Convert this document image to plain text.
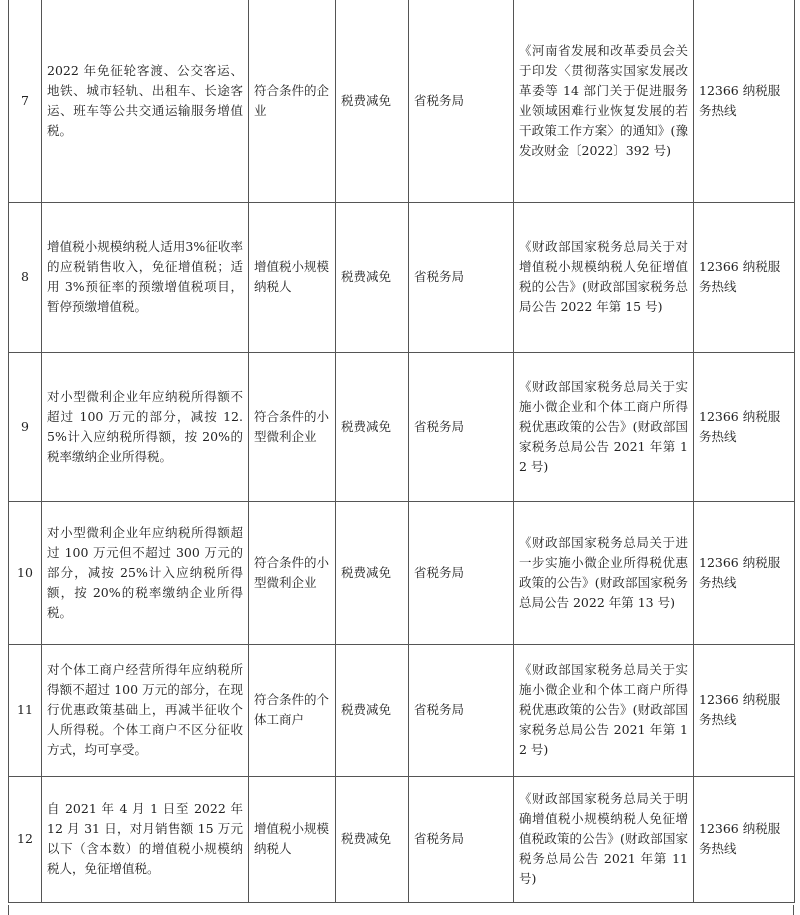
7	2022 年免征轮客渡、公交客运、地铁、城市轻轨、出租车、长途客运、班车等公共交通运输服务增值税。	符合条件的企业	税费减免	省税务局	《河南省发展和改革委员会关于印发〈贯彻落实国家发展改革委等 14 部门关于促进服务业领域困难行业恢复发展的若干政策工作方案〉的通知》(豫发改财金〔2022〕392 号)	12366 纳税服务热线
8	增值税小规模纳税人适用3%征收率的应税销售收入，免征增值税；适用 3%预征率的预缴增值税项目，暂停预缴增值税。	增值税小规模纳税人	税费减免	省税务局	《财政部国家税务总局关于对增值税小规模纳税人免征增值税的公告》(财政部国家税务总局公告 2022 年第 15 号)	12366 纳税服务热线
9	对小型微利企业年应纳税所得额不超过 100 万元的部分，减按 12.5%计入应纳税所得额，按 20%的税率缴纳企业所得税。	符合条件的小型微利企业	税费减免	省税务局	《财政部国家税务总局关于实施小微企业和个体工商户所得税优惠政策的公告》(财政部国家税务总局公告 2021 年第 12 号)	12366 纳税服务热线
10	对小型微利企业年应纳税所得额超过 100 万元但不超过 300 万元的部分，减按 25%计入应纳税所得额，按 20%的税率缴纳企业所得税。	符合条件的小型微利企业	税费减免	省税务局	《财政部国家税务总局关于进一步实施小微企业所得税优惠政策的公告》(财政部国家税务总局公告 2022 年第 13 号)	12366 纳税服务热线
11	对个体工商户经营所得年应纳税所得额不超过 100 万元的部分，在现行优惠政策基础上，再减半征收个人所得税。个体工商户不区分征收方式，均可享受。	符合条件的个体工商户	税费减免	省税务局	《财政部国家税务总局关于实施小微企业和个体工商户所得税优惠政策的公告》(财政部国家税务总局公告 2021 年第 12 号)	12366 纳税服务热线
12	自 2021 年 4 月 1 日至 2022 年 12 月 31 日，对月销售额 15 万元以下（含本数）的增值税小规模纳税人，免征增值税。	增值税小规模纳税人	税费减免	省税务局	《财政部国家税务总局关于明确增值税小规模纳税人免征增值税政策的公告》(财政部国家税务总局公告 2021 年第 11 号)	12366 纳税服务热线
